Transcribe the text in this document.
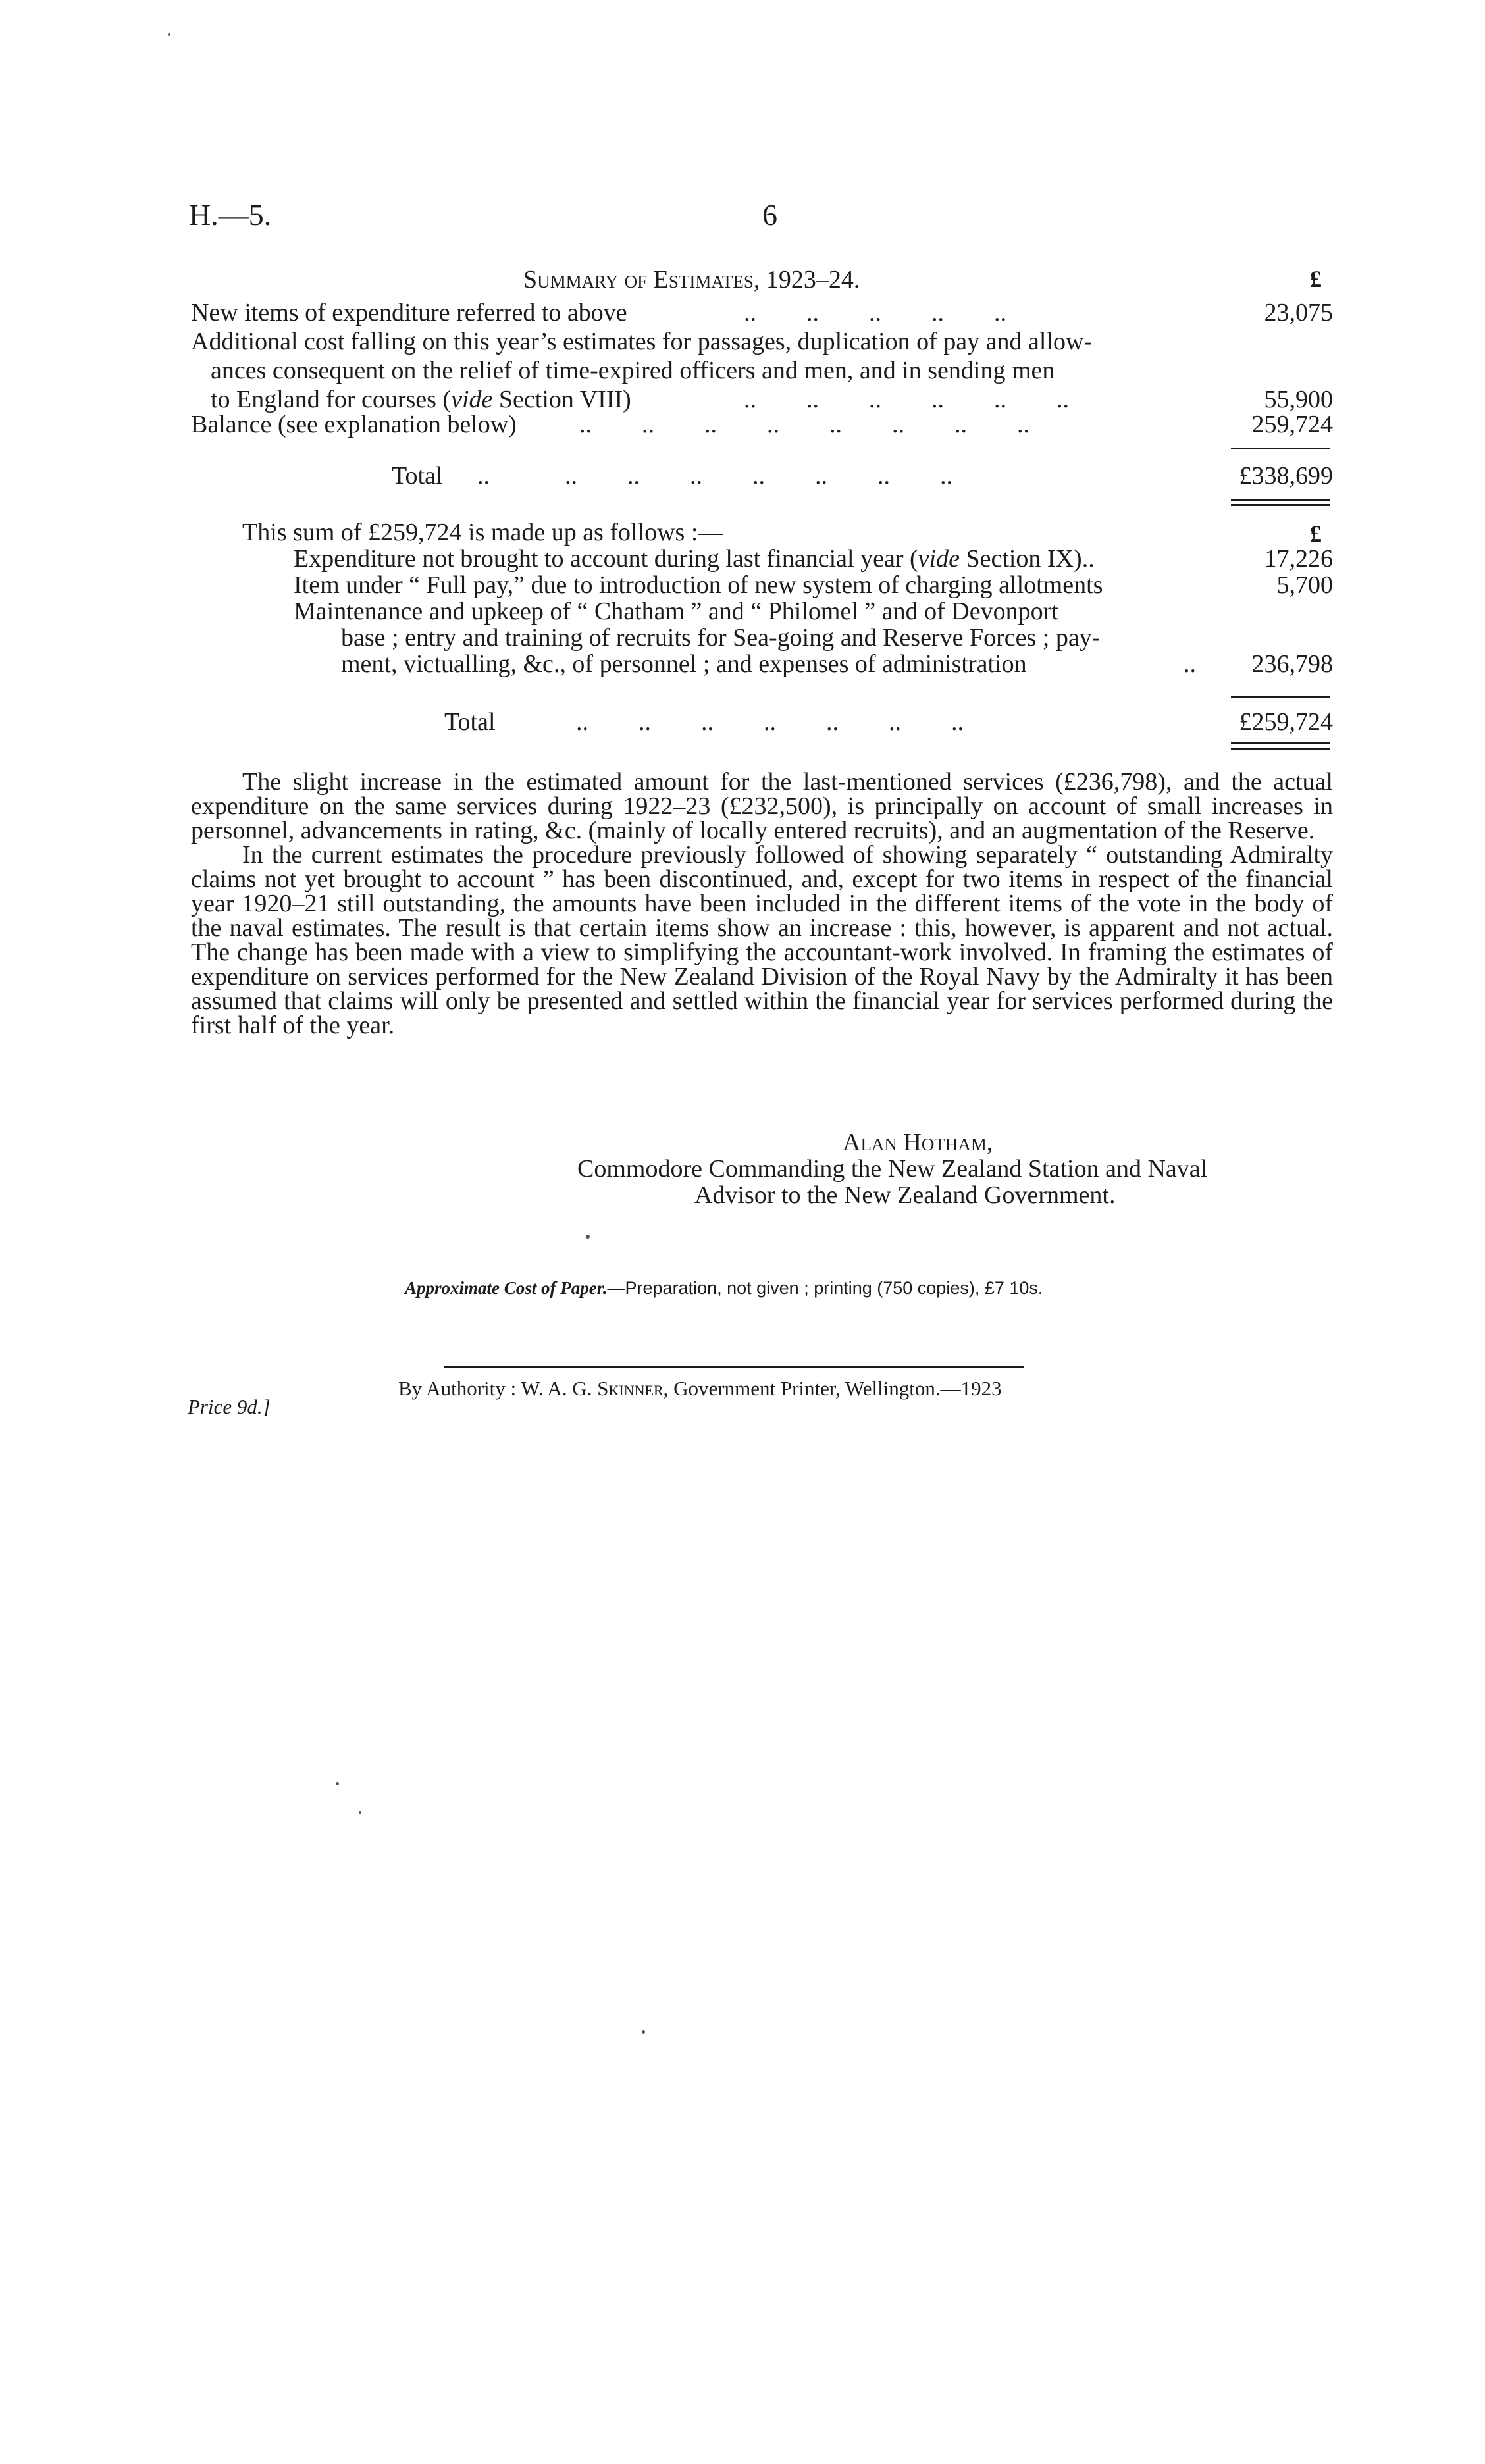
H.—5.	6
Summary of Estimates, 1923–24.	£
New items of expenditure referred to above	..        ..        ..        ..        ..	23,075
Additional cost falling on this year’s estimates for passages, duplication of pay and allow-
ances consequent on the relief of time-expired officers and men, and in sending men
to England for courses (vide Section VIII)	..        ..        ..        ..        ..        ..	55,900
Balance (see explanation below)	..        ..        ..        ..        ..        ..        ..        ..	259,724
Total ..            ..        ..        ..        ..        ..        ..        ..	£338,699
This sum of £259,724 is made up as follows :—	£
Expenditure not brought to account during last financial year (vide Section IX)..	17,226
Item under “ Full pay,” due to introduction of new system of charging allotments	5,700
Maintenance and upkeep of “ Chatham ” and “ Philomel ” and of Devonport
base ; entry and training of recruits for Sea-going and Reserve Forces ; pay-
ment, victualling, &c., of personnel ; and expenses of administration	..	236,798
Total	..        ..        ..        ..        ..        ..        ..	£259,724

The slight increase in the estimated amount for the last-mentioned services (£236,798), and the actual expenditure on the same services during 1922–23 (£232,500), is principally on account of small increases in personnel, advancements in rating, &c. (mainly of locally entered recruits), and an augmentation of the Reserve.

In the current estimates the procedure previously followed of showing separately “ outstanding Admiralty claims not yet brought to account ” has been discontinued, and, except for two items in respect of the financial year 1920–21 still outstanding, the amounts have been included in the different items of the vote in the body of the naval estimates. The result is that certain items show an increase : this, however, is apparent and not actual. The change has been made with a view to simplifying the accountant-work involved. In framing the estimates of expenditure on services performed for the New Zealand Division of the Royal Navy by the Admiralty it has been assumed that claims will only be presented and settled within the financial year for services performed during the first half of the year.

Alan Hotham,
Commodore Commanding the New Zealand Station and Naval
Advisor to the New Zealand Government.
Approximate Cost of Paper.—Preparation, not given ; printing (750 copies), £7 10s.
By Authority : W. A. G. Skinner, Government Printer, Wellington.—1923
Price 9d.]
